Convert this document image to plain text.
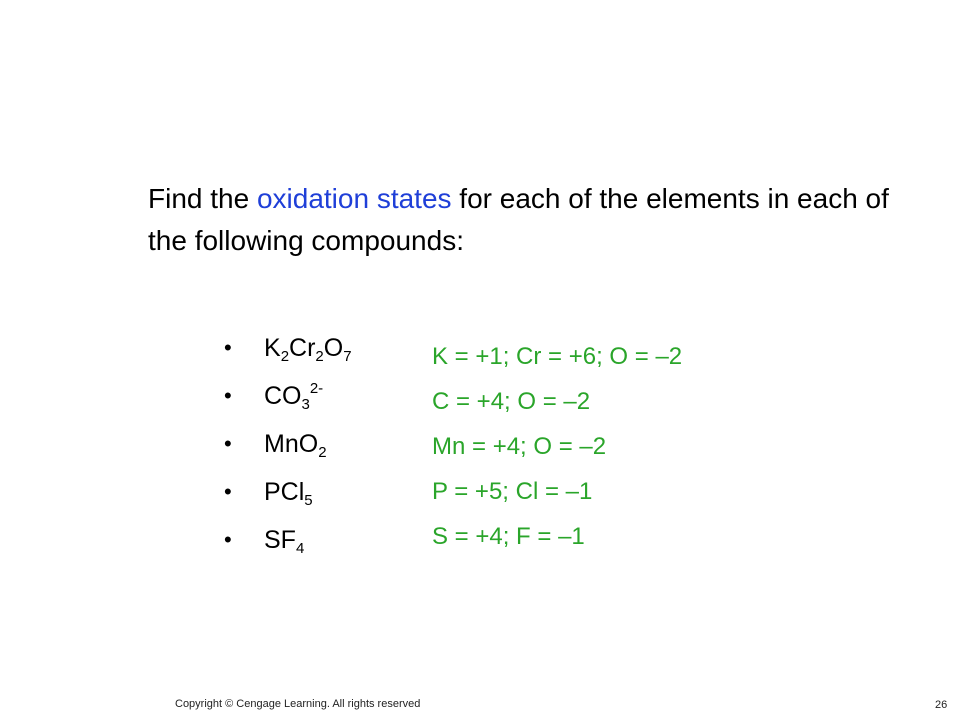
Find the oxidation states for each of the elements in each of the following compounds:
• $K_2Cr_2O_7$
• $CO_3^{2-}$
• MnO$_2$
• PCl$_5$
• $SF_4$
K = +1; Cr = +6; O = –2
C = +4; O = –2
Mn = +4; O = –2
P = +5; Cl = –1
S = +4; F = –1
Copyright © Cengage Learning. All rights reserved	26
